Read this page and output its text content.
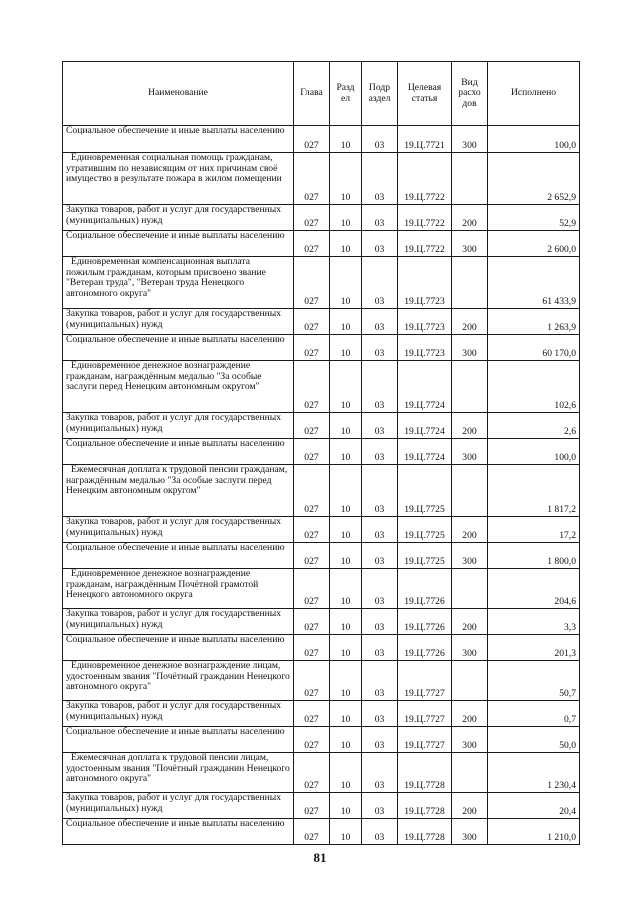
Наименование	Глава	Разд ел	Подр аздел	Целевая статья	Вид расхо дов	Исполнено
Социальное обеспечение и иные выплаты населению	027	10	03	19.Ц.7721	300	100,0
Единовременная социальная помощь гражданам, утратившим по независящим от них причинам своё имущество в результате пожара в жилом помещении	027	10	03	19.Ц.7722		2 652,9
Закупка товаров, работ и услуг для государственных (муниципальных) нужд	027	10	03	19.Ц.7722	200	52,9
Социальное обеспечение и иные выплаты населению	027	10	03	19.Ц.7722	300	2 600,0
Единовременная компенсационная выплата пожилым гражданам, которым присвоено звание "Ветеран труда", "Ветеран труда Ненецкого автономного округа"	027	10	03	19.Ц.7723		61 433,9
Закупка товаров, работ и услуг для государственных (муниципальных) нужд	027	10	03	19.Ц.7723	200	1 263,9
Социальное обеспечение и иные выплаты населению	027	10	03	19.Ц.7723	300	60 170,0
Единовременное денежное вознаграждение гражданам, награждённым медалью "За особые заслуги перед Ненецким автономным округом"	027	10	03	19.Ц.7724		102,6
Закупка товаров, работ и услуг для государственных (муниципальных) нужд	027	10	03	19.Ц.7724	200	2,6
Социальное обеспечение и иные выплаты населению	027	10	03	19.Ц.7724	300	100,0
Ежемесячная доплата к трудовой пенсии гражданам, награждённым медалью "За особые заслуги перед Ненецким автономным округом"	027	10	03	19.Ц.7725		1 817,2
Закупка товаров, работ и услуг для государственных (муниципальных) нужд	027	10	03	19.Ц.7725	200	17,2
Социальное обеспечение и иные выплаты населению	027	10	03	19.Ц.7725	300	1 800,0
Единовременное денежное вознаграждение гражданам, награждённым Почётной грамотой Ненецкого автономного округа	027	10	03	19.Ц.7726		204,6
Закупка товаров, работ и услуг для государственных (муниципальных) нужд	027	10	03	19.Ц.7726	200	3,3
Социальное обеспечение и иные выплаты населению	027	10	03	19.Ц.7726	300	201,3
Единовременное денежное вознаграждение лицам, удостоенным звания "Почётный гражданин Ненецкого автономного округа"	027	10	03	19.Ц.7727		50,7
Закупка товаров, работ и услуг для государственных (муниципальных) нужд	027	10	03	19.Ц.7727	200	0,7
Социальное обеспечение и иные выплаты населению	027	10	03	19.Ц.7727	300	50,0
Ежемесячная доплата к трудовой пенсии лицам, удостоенным звания "Почётный гражданин Ненецкого автономного округа"	027	10	03	19.Ц.7728		1 230,4
Закупка товаров, работ и услуг для государственных (муниципальных) нужд	027	10	03	19.Ц.7728	200	20,4
Социальное обеспечение и иные выплаты населению	027	10	03	19.Ц.7728	300	1 210,0
81
